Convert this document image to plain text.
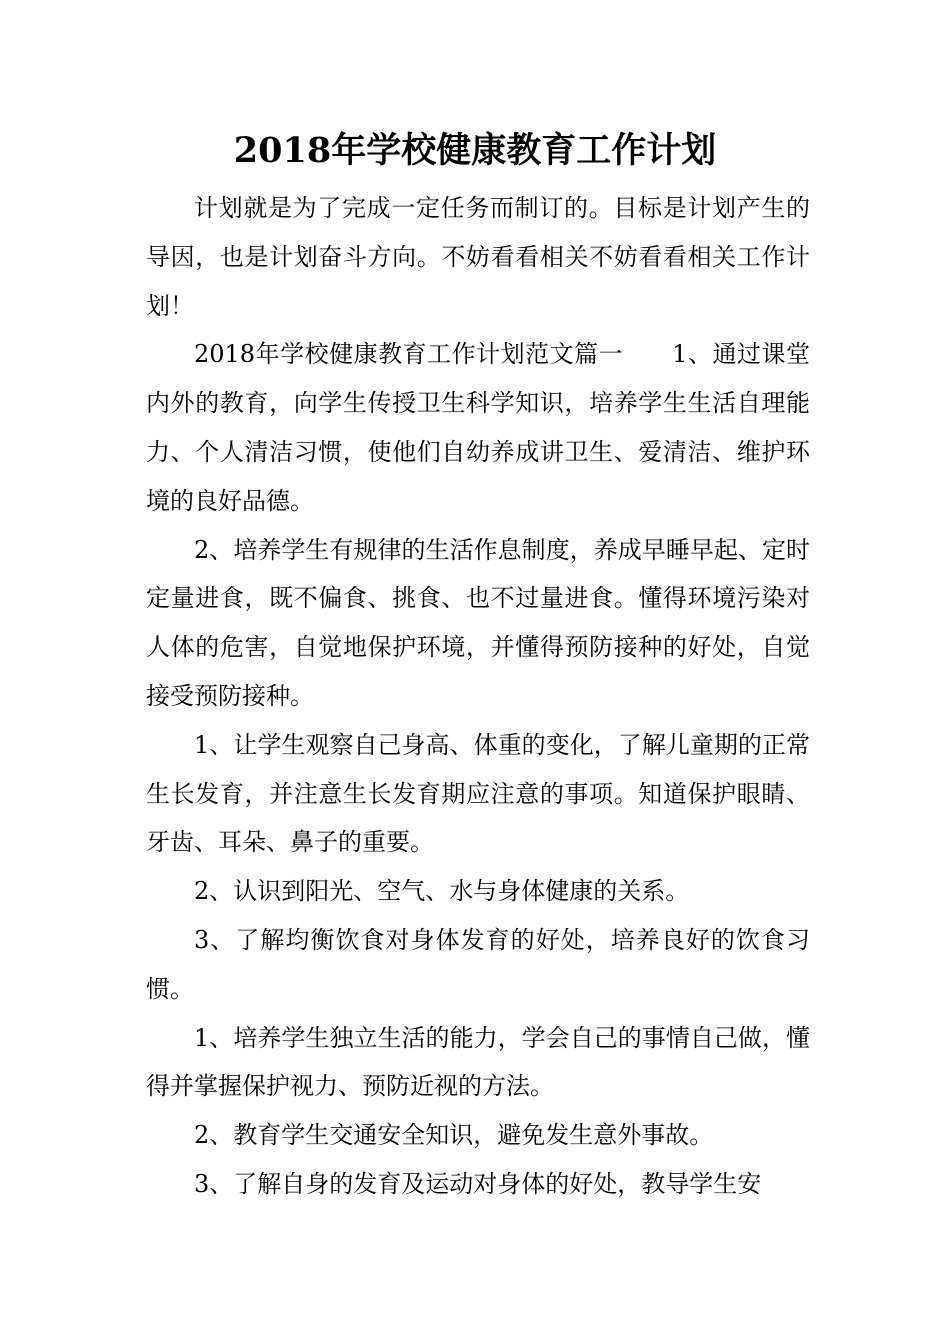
2018年学校健康教育工作计划

计划就是为了完成一定任务而制订的。目标是计划产生的导因，也是计划奋斗方向。不妨看看相关不妨看看相关工作计划！

2018年学校健康教育工作计划范文篇一　　1、通过课堂内外的教育，向学生传授卫生科学知识，培养学生生活自理能力、个人清洁习惯，使他们自幼养成讲卫生、爱清洁、维护环境的良好品德。

2、培养学生有规律的生活作息制度，养成早睡早起、定时定量进食，既不偏食、挑食、也不过量进食。懂得环境污染对人体的危害，自觉地保护环境，并懂得预防接种的好处，自觉接受预防接种。

1、让学生观察自己身高、体重的变化，了解儿童期的正常生长发育，并注意生长发育期应注意的事项。知道保护眼睛、牙齿、耳朵、鼻子的重要。

2、认识到阳光、空气、水与身体健康的关系。

3、了解均衡饮食对身体发育的好处，培养良好的饮食习惯。

1、培养学生独立生活的能力，学会自己的事情自己做，懂得并掌握保护视力、预防近视的方法。

2、教育学生交通安全知识，避免发生意外事故。

3、了解自身的发育及运动对身体的好处，教导学生安
